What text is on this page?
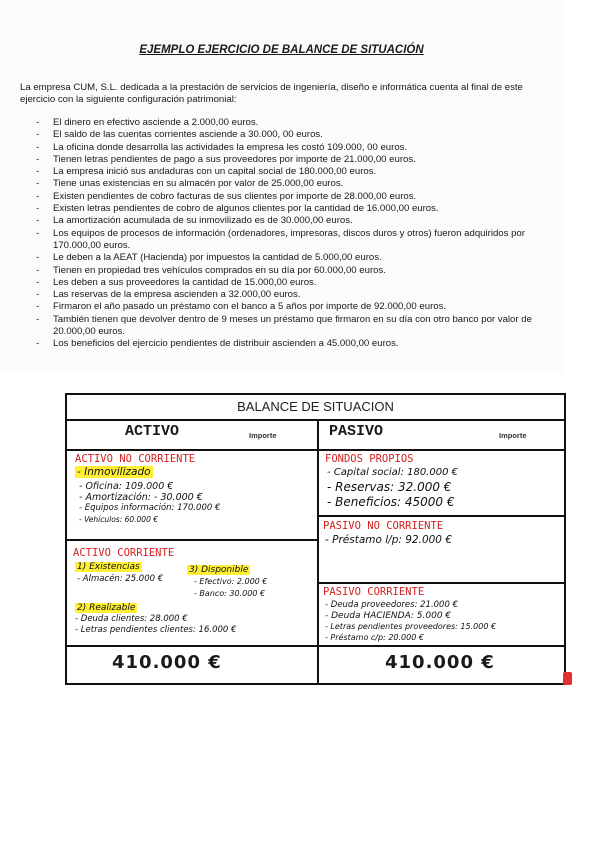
EJEMPLO EJERCICIO DE BALANCE DE SITUACIÓN
La empresa CUM, S.L. dedicada a la prestación de servicios de ingeniería, diseño e informática cuenta al final de este ejercicio con la siguiente configuración patrimonial:
- El dinero en efectivo asciende a 2.000,00 euros.
- El saldo de las cuentas corrientes asciende a 30.000, 00 euros.
- La oficina donde desarrolla las actividades la empresa les costó 109.000, 00 euros.
- Tienen letras pendientes de pago a sus proveedores por importe de 21.000,00 euros.
- La empresa inició sus andaduras con un capital social de 180.000,00 euros.
- Tiene unas existencias en su almacén por valor de 25.000,00 euros.
- Existen pendientes de cobro facturas de sus clientes por importe de 28.000,00 euros.
- Existen letras pendientes de cobro de algunos clientes por la cantidad de 16.000,00 euros.
- La amortización acumulada de su inmovilizado es de 30.000,00 euros.
- Los equipos de procesos de información (ordenadores, impresoras, discos duros y otros) fueron adquiridos por 170.000,00 euros.
- Le deben a la AEAT (Hacienda) por impuestos la cantidad de 5.000,00 euros.
- Tienen en propiedad tres vehículos comprados en su día por 60.000,00 euros.
- Les deben a sus proveedores la cantidad de 15.000,00 euros.
- Las reservas de la empresa ascienden a 32.000,00 euros.
- Firmaron el año pasado un préstamo con el banco a 5 años por importe de 92.000,00 euros.
- También tienen que devolver dentro de 9 meses un préstamo que firmaron en su día con otro banco por valor de 20.000,00 euros.
- Los beneficios del ejercicio pendientes de distribuir ascienden a 45.000,00 euros.
BALANCE DE SITUACION
ACTIVO	Importe	PASIVO	Importe
ACTIVO NO CORRIENTE
- Inmovilizado
- Oficina: 109.000 €
- Amortización: - 30.000 €
- Equipos información: 170.000 €
- Vehículos: 60.000 €
ACTIVO CORRIENTE
1) Existencias
- Almacén: 25.000 €
3) Disponible
- Efectivo: 2.000 €
- Banco: 30.000 €
2) Realizable
- Deuda clientes: 28.000 €
- Letras pendientes clientes: 16.000 €
FONDOS PROPIOS
- Capital social: 180.000 €
- Reservas: 32.000 €
- Beneficios: 45000 €
PASIVO NO CORRIENTE
- Préstamo l/p: 92.000 €
PASIVO CORRIENTE
- Deuda proveedores: 21.000 €
- Deuda HACIENDA: 5.000 €
- Letras pendientes proveedores: 15.000 €
- Préstamo c/p: 20.000 €
410.000 €	410.000 €
